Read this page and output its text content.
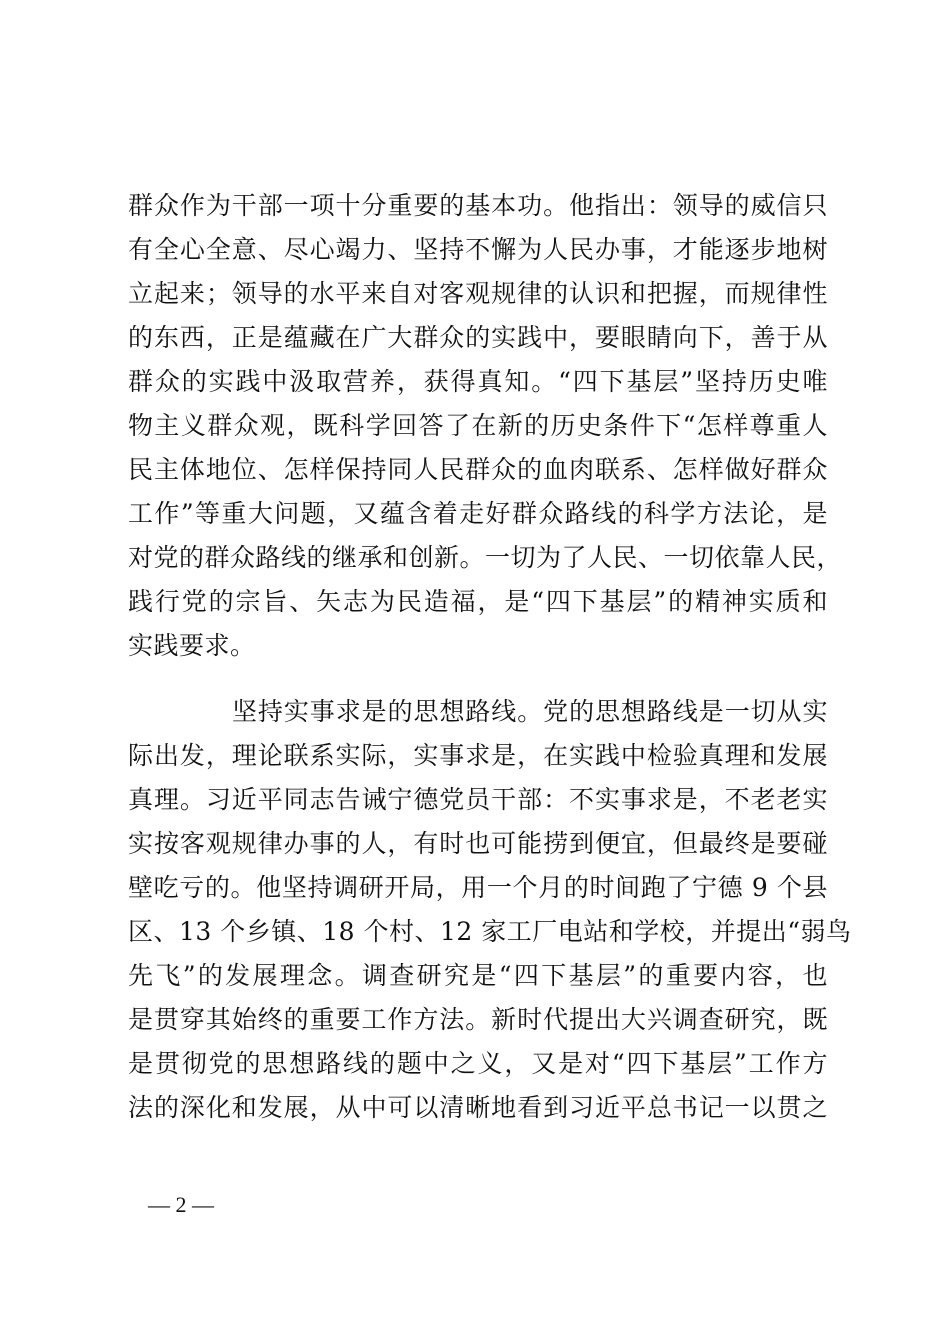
群众作为干部一项十分重要的基本功。他指出：领导的威信只
有全心全意、尽心竭力、坚持不懈为人民办事，才能逐步地树
立起来；领导的水平来自对客观规律的认识和把握，而规律性
的东西，正是蕴藏在广大群众的实践中，要眼睛向下，善于从
群众的实践中汲取营养，获得真知。“四下基层”坚持历史唯
物主义群众观，既科学回答了在新的历史条件下“怎样尊重人
民主体地位、怎样保持同人民群众的血肉联系、怎样做好群众
工作”等重大问题，又蕴含着走好群众路线的科学方法论，是
对党的群众路线的继承和创新。一切为了人民、一切依靠人民，
践行党的宗旨、矢志为民造福，是“四下基层”的精神实质和
实践要求。
坚持实事求是的思想路线。党的思想路线是一切从实
际出发，理论联系实际，实事求是，在实践中检验真理和发展
真理。习近平同志告诫宁德党员干部：不实事求是，不老老实
实按客观规律办事的人，有时也可能捞到便宜，但最终是要碰
壁吃亏的。他坚持调研开局，用一个月的时间跑了宁德 9 个县
区、13 个乡镇、18 个村、12 家工厂电站和学校，并提出“弱鸟
先飞”的发展理念。调查研究是“四下基层”的重要内容，也
是贯穿其始终的重要工作方法。新时代提出大兴调查研究，既
是贯彻党的思想路线的题中之义，又是对“四下基层”工作方
法的深化和发展，从中可以清晰地看到习近平总书记一以贯之
— 2 —
